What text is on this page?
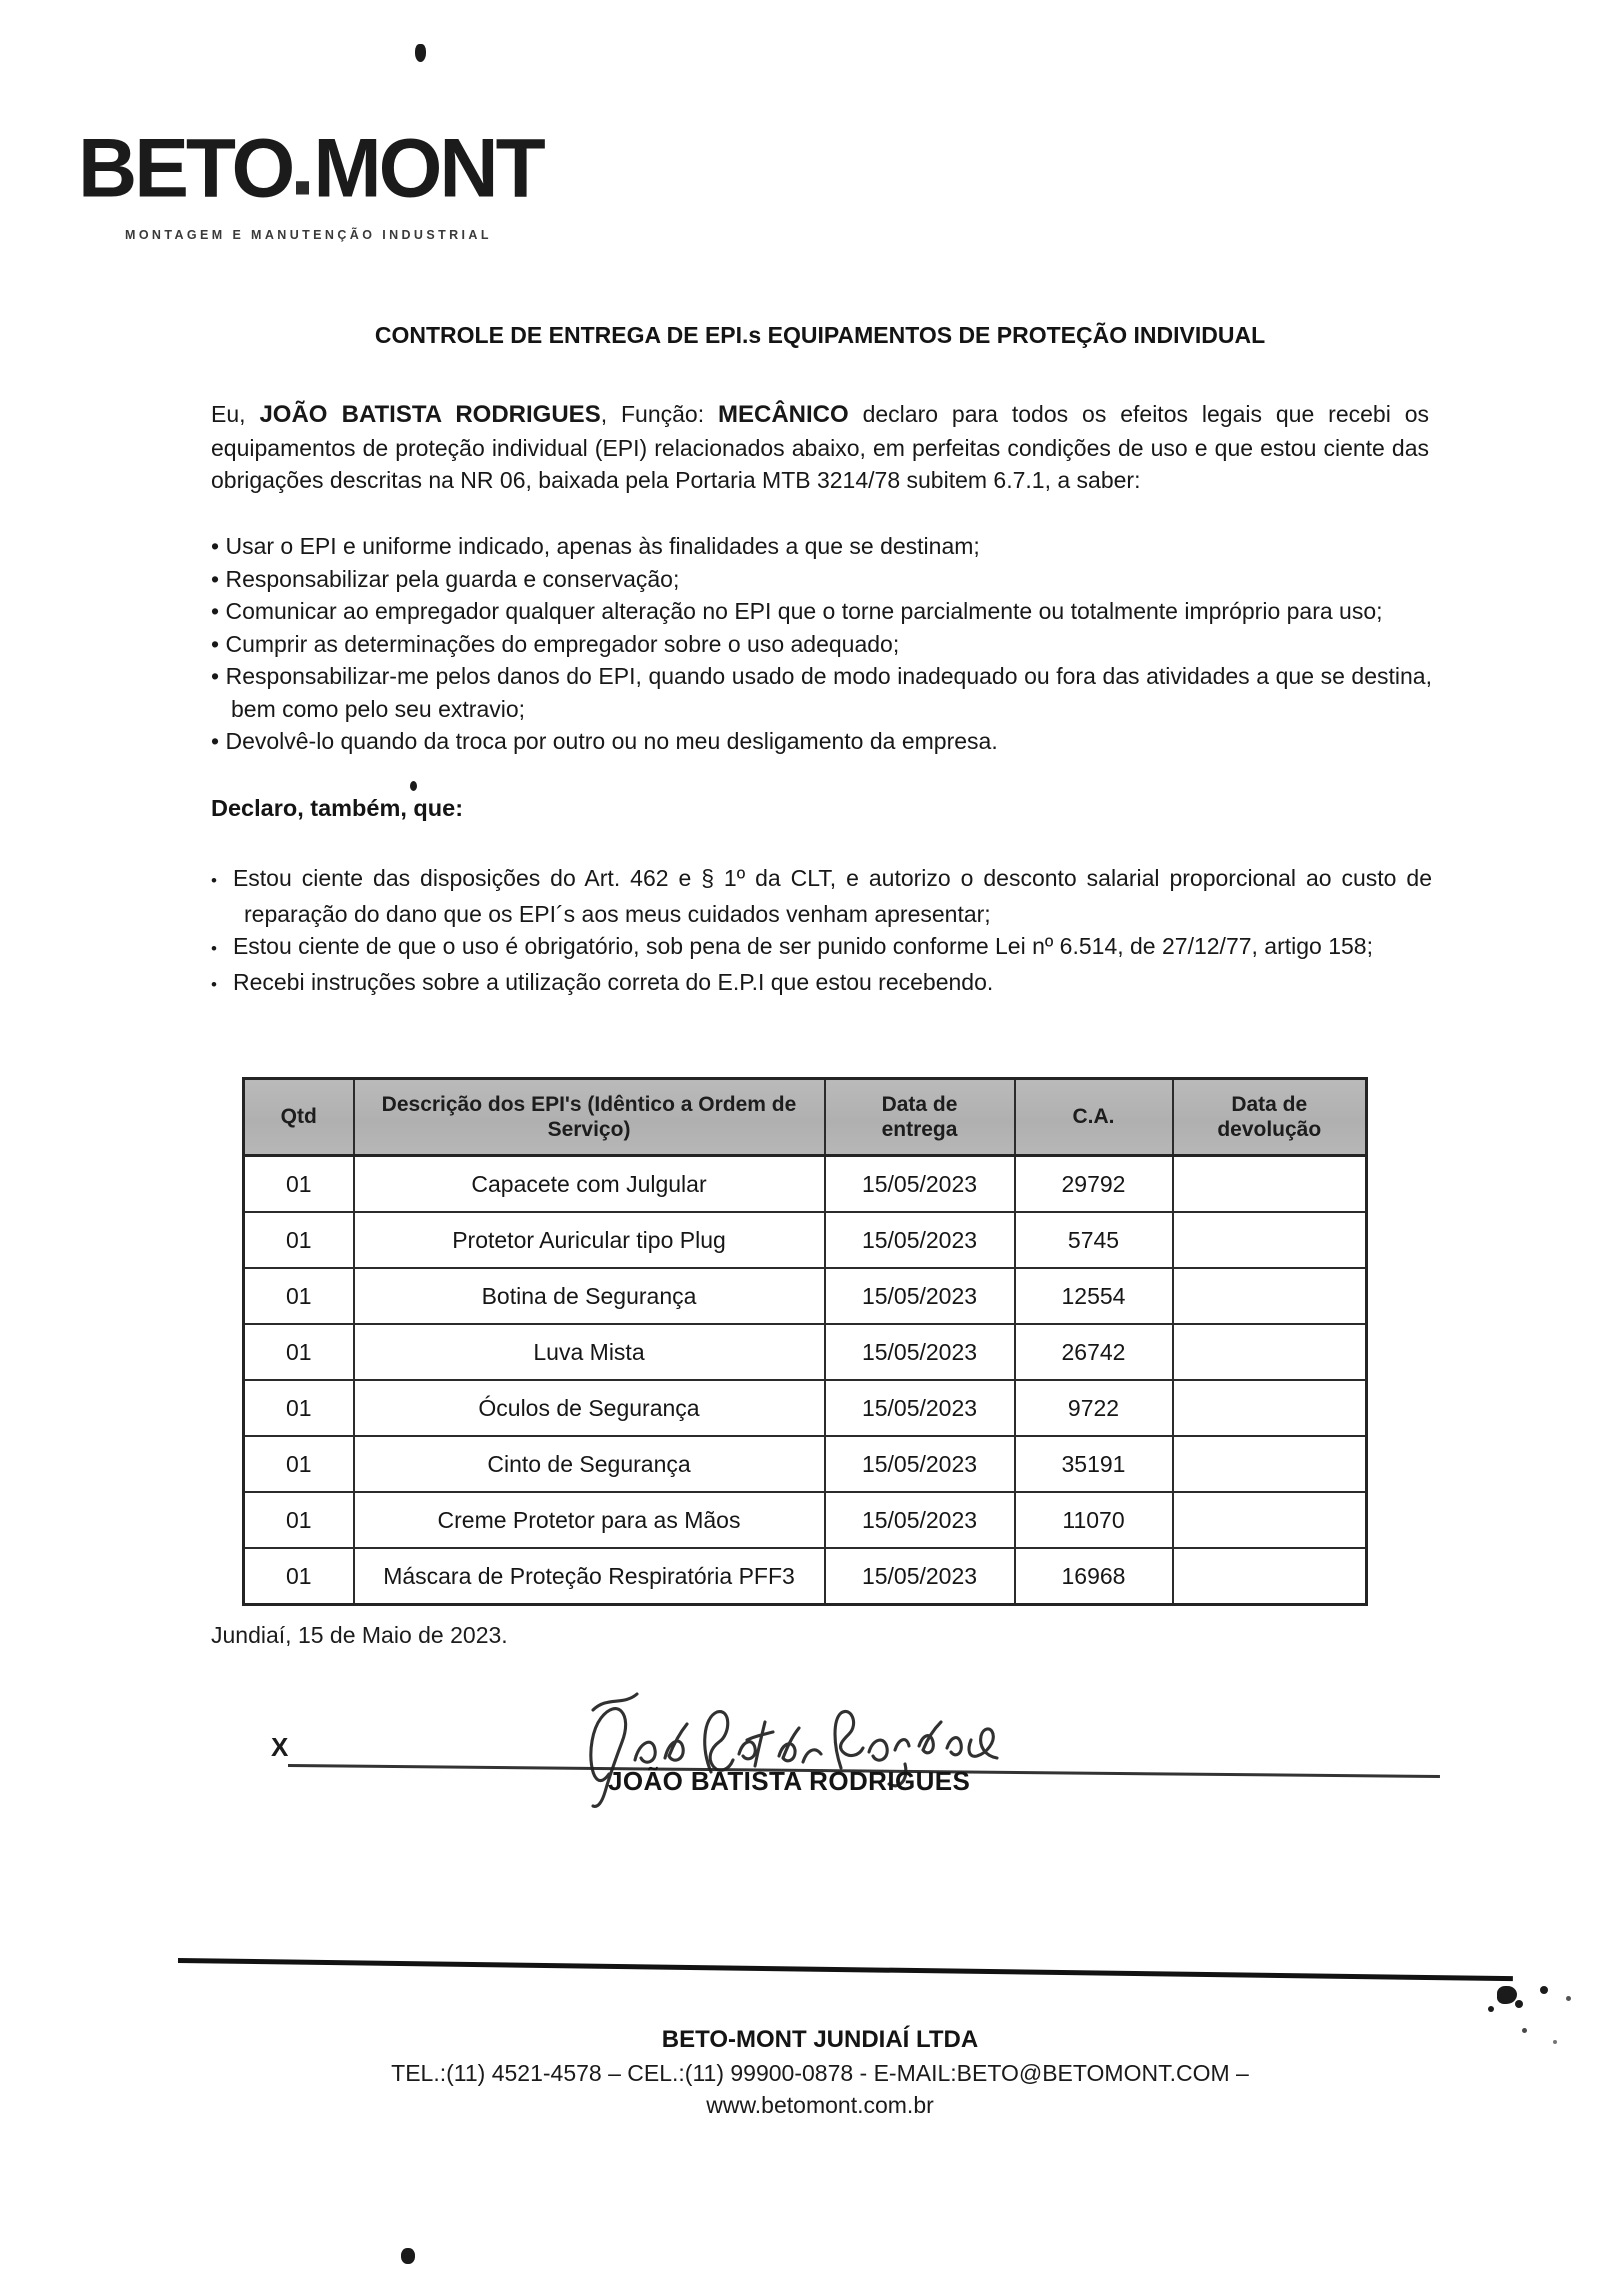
BETO MONT
MONTAGEM E MANUTENÇÃO INDUSTRIAL
CONTROLE DE ENTREGA DE EPI.s EQUIPAMENTOS DE PROTEÇÃO INDIVIDUAL

Eu, JOÃO BATISTA RODRIGUES, Função: MECÂNICO declaro para todos os efeitos legais que recebi os equipamentos de proteção individual (EPI) relacionados abaixo, em perfeitas condições de uso e que estou ciente das obrigações descritas na NR 06, baixada pela Portaria MTB 3214/78 subitem 6.7.1, a saber:

• Usar o EPI e uniforme indicado, apenas às finalidades a que se destinam;
• Responsabilizar pela guarda e conservação;
• Comunicar ao empregador qualquer alteração no EPI que o torne parcialmente ou totalmente impróprio para uso;
• Cumprir as determinações do empregador sobre o uso adequado;
• Responsabilizar-me pelos danos do EPI, quando usado de modo inadequado ou fora das atividades a que se destina, bem como pelo seu extravio;
• Devolvê-lo quando da troca por outro ou no meu desligamento da empresa.
Declaro, também, que:
• Estou ciente das disposições do Art. 462 e § 1º da CLT, e autorizo o desconto salarial proporcional ao custo de reparação do dano que os EPI´s aos meus cuidados venham apresentar;
• Estou ciente de que o uso é obrigatório, sob pena de ser punido conforme Lei nº 6.514, de 27/12/77, artigo 158;
• Recebi instruções sobre a utilização correta do E.P.I que estou recebendo.
Qtd	Descrição dos EPI's (Idêntico a Ordem de Serviço)	Data de entrega	C.A.	Data de devolução
01	Capacete com Julgular	15/05/2023	29792	
01	Protetor Auricular tipo Plug	15/05/2023	5745	
01	Botina de Segurança	15/05/2023	12554	
01	Luva Mista	15/05/2023	26742	
01	Óculos de Segurança	15/05/2023	9722	
01	Cinto de Segurança	15/05/2023	35191	
01	Creme Protetor para as Mãos	15/05/2023	11070	
01	Máscara de Proteção Respiratória PFF3	15/05/2023	16968	
Jundiaí, 15 de Maio de 2023.
X
JOÃO BATISTA RODRIGUES
BETO-MONT JUNDIAÍ LTDA
TEL.:(11) 4521-4578 – CEL.:(11) 99900-0878 - E-MAIL:BETO@BETOMONT.COM –
www.betomont.com.br
